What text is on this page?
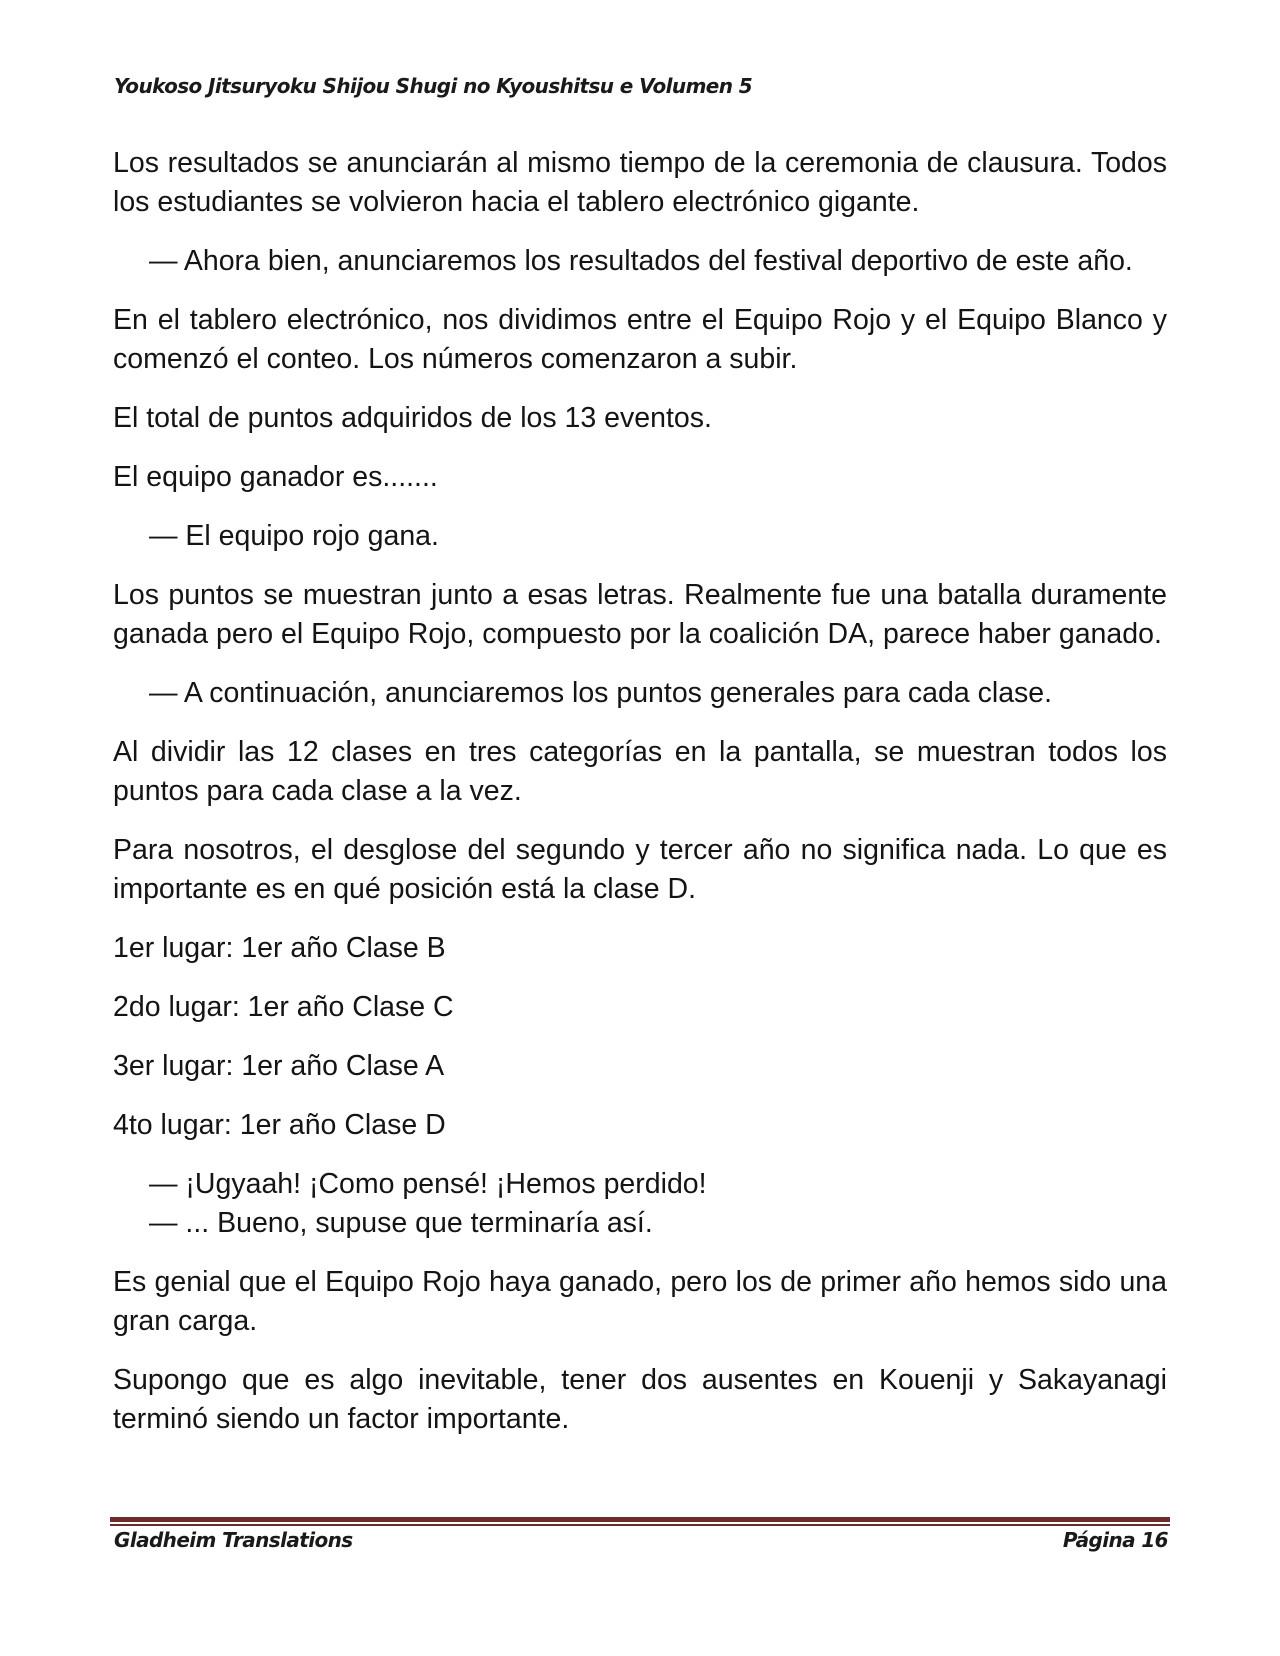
Youkoso Jitsuryoku Shijou Shugi no Kyoushitsu e Volumen 5

Los resultados se anunciarán al mismo tiempo de la ceremonia de clausura. Todos los estudiantes se volvieron hacia el tablero electrónico gigante.

— Ahora bien, anunciaremos los resultados del festival deportivo de este año.

En el tablero electrónico, nos dividimos entre el Equipo Rojo y el Equipo Blanco y comenzó el conteo. Los números comenzaron a subir.

El total de puntos adquiridos de los 13 eventos.

El equipo ganador es.......

— El equipo rojo gana.

Los puntos se muestran junto a esas letras. Realmente fue una batalla duramente ganada pero el Equipo Rojo, compuesto por la coalición DA, parece haber ganado.

— A continuación, anunciaremos los puntos generales para cada clase.

Al dividir las 12 clases en tres categorías en la pantalla, se muestran todos los puntos para cada clase a la vez.

Para nosotros, el desglose del segundo y tercer año no significa nada. Lo que es importante es en qué posición está la clase D.

1er lugar: 1er año Clase B

2do lugar: 1er año Clase C

3er lugar: 1er año Clase A

4to lugar: 1er año Clase D

— ¡Ugyaah! ¡Como pensé! ¡Hemos perdido!

— ... Bueno, supuse que terminaría así.

Es genial que el Equipo Rojo haya ganado, pero los de primer año hemos sido una gran carga.

Supongo que es algo inevitable, tener dos ausentes en Kouenji y Sakayanagi terminó siendo un factor importante.

Gladheim Translations	Página 16
